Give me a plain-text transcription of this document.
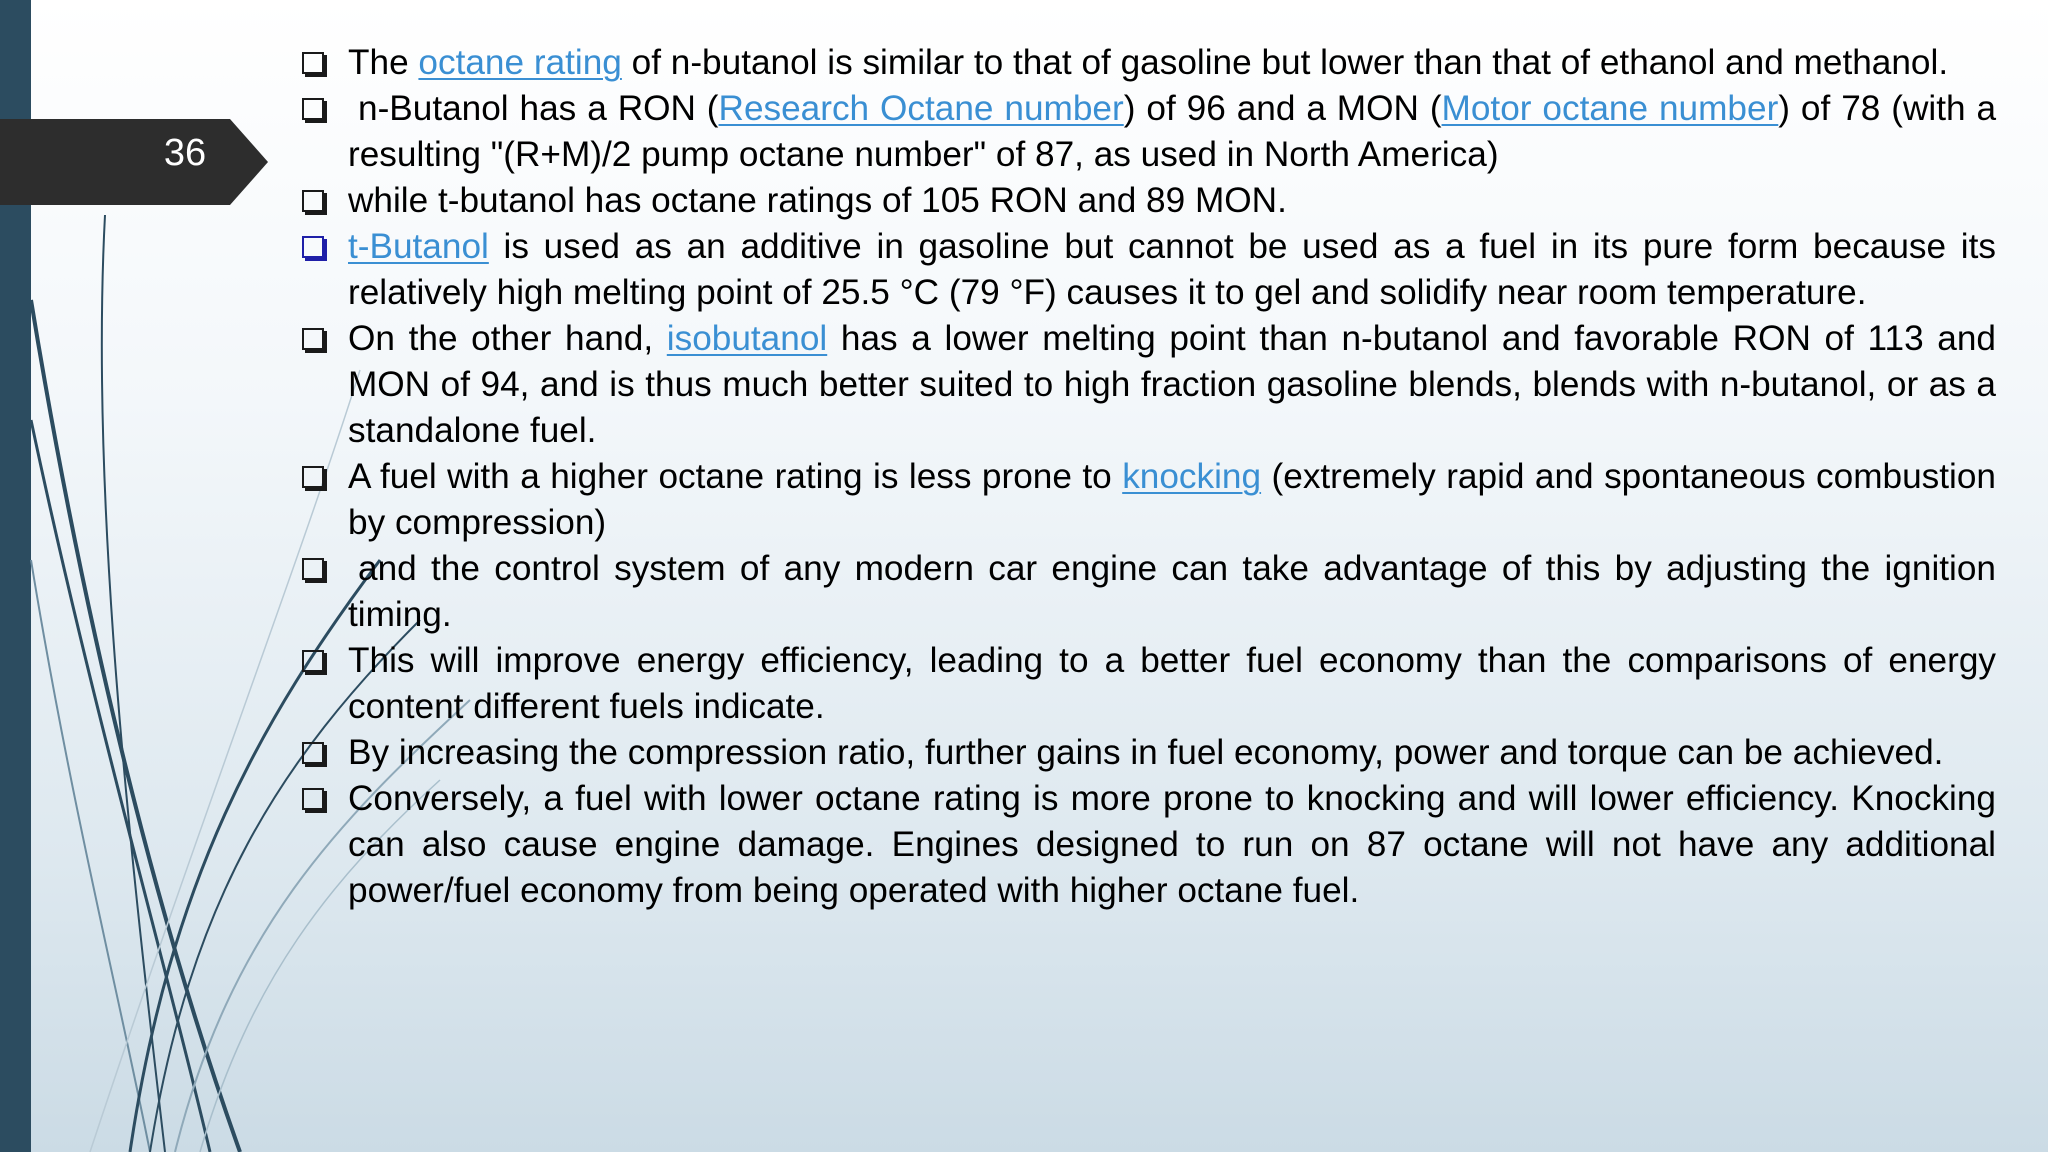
36
The octane rating of n-butanol is similar to that of gasoline but lower than that of ethanol and methanol.
n-Butanol has a RON (Research Octane number) of 96 and a MON (Motor octane number) of 78 (with a resulting "(R+M)/2 pump octane number" of 87, as used in North America)
while t-butanol has octane ratings of 105 RON and 89 MON.
t-Butanol is used as an additive in gasoline but cannot be used as a fuel in its pure form because its relatively high melting point of 25.5 °C (79 °F) causes it to gel and solidify near room temperature.
On the other hand, isobutanol has a lower melting point than n-butanol and favorable RON of 113 and MON of 94, and is thus much better suited to high fraction gasoline blends, blends with n-butanol, or as a standalone fuel.
A fuel with a higher octane rating is less prone to knocking (extremely rapid and spontaneous combustion by compression)
and the control system of any modern car engine can take advantage of this by adjusting the ignition timing.
This will improve energy efficiency, leading to a better fuel economy than the comparisons of energy content different fuels indicate.
By increasing the compression ratio, further gains in fuel economy, power and torque can be achieved.
Conversely, a fuel with lower octane rating is more prone to knocking and will lower efficiency. Knocking can also cause engine damage. Engines designed to run on 87 octane will not have any additional power/fuel economy from being operated with higher octane fuel.
